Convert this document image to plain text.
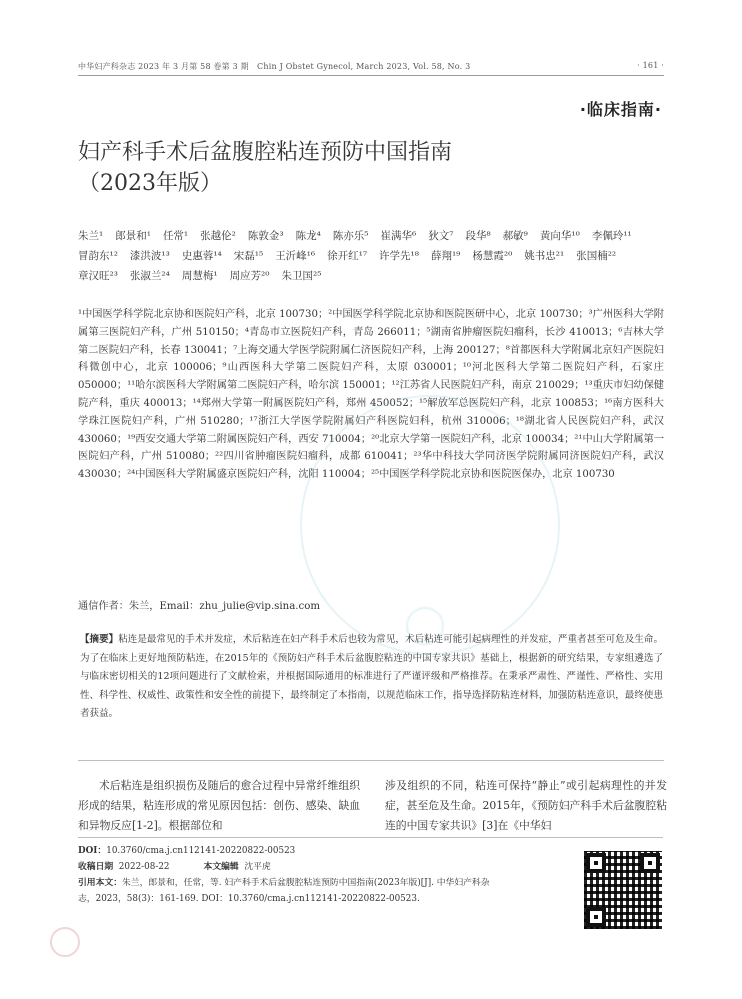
中华妇产科杂志 2023 年 3 月第 58 卷第 3 期　Chin J Obstet Gynecol, March 2023, Vol. 58, No. 3	· 161 ·
·临床指南·
妇产科手术后盆腹腔粘连预防中国指南
（2023年版）
朱兰¹ 郎景和¹ 任常¹ 张越伦² 陈敦金³ 陈龙⁴ 陈亦乐⁵ 崔满华⁶ 狄文⁷ 段华⁸ 郝敏⁹ 黄向华¹⁰ 李佩玲¹¹冒韵东¹² 漆洪波¹³ 史惠蓉¹⁴ 宋磊¹⁵ 王沂峰¹⁶ 徐开红¹⁷ 许学先¹⁸ 薛翔¹⁹ 杨慧霞²⁰ 姚书忠²¹ 张国楠²²章汉旺²³ 张淑兰²⁴ 周慧梅¹ 周应芳²⁰ 朱卫国²⁵
¹中国医学科学院北京协和医院妇产科，北京 100730 ； ²中国医学科学院北京协和医院医研中心，北京 100730 ； ³广州医科大学附属第三医院妇产科，广州 510150 ； ⁴青岛市立医院妇产科，青岛 266011 ； ⁵湖南省肿瘤医院妇瘤科，长沙 410013 ； ⁶吉林大学第二医院妇产科，长春 130041 ； ⁷上海交通大学医学院附属仁济医院妇产科，上海 200127 ； ⁸首都医科大学附属北京妇产医院妇科微创中心，北京 100006 ； ⁹山西医科大学第二医院妇产科，太原 030001 ； ¹⁰河北医科大学第二医院妇产科，石家庄 050000 ； ¹¹哈尔滨医科大学附属第二医院妇产科，哈尔滨 150001 ； ¹²江苏省人民医院妇产科，南京 210029 ； ¹³重庆市妇幼保健院产科，重庆 400013 ； ¹⁴郑州大学第一附属医院妇产科，郑州 450052 ； ¹⁵解放军总医院妇产科，北京 100853 ； ¹⁶南方医科大学珠江医院妇产科，广州 510280 ； ¹⁷浙江大学医学院附属妇产科医院妇科，杭州 310006 ； ¹⁸湖北省人民医院妇产科，武汉 430060 ； ¹⁹西安交通大学第二附属医院妇产科，西安 710004 ； ²⁰北京大学第一医院妇产科，北京 100034 ； ²¹中山大学附属第一医院妇产科，广州 510080 ； ²²四川省肿瘤医院妇瘤科，成都 610041 ； ²³华中科技大学同济医学院附属同济医院妇产科，武汉 430030 ； ²⁴中国医科大学附属盛京医院妇产科，沈阳 110004 ； ²⁵中国医学科学院北京协和医院医保办，北京 100730
通信作者：朱兰，Email：zhu_julie@vip.sina.com	◯
【摘要】粘连是最常见的手术并发症，术后粘连在妇产科手术后也较为常见，术后粘连可能引起病理性的并发症，严重者甚至可危及生命。为了在临床上更好地预防粘连，在2015年的《预防妇产科手术后盆腹腔粘连的中国专家共识》基础上，根据新的研究结果，专家组遴选了与临床密切相关的12项问题进行了文献检索，并根据国际通用的标准进行了严谨评级和严格推荐。在秉承严肃性、严谨性、严格性、实用性、科学性、权威性、政策性和安全性的前提下，最终制定了本指南，以规范临床工作，指导选择防粘连材料，加强防粘连意识，最终使患者获益。
术后粘连是组织损伤及随后的愈合过程中异常纤维组织形成的结果，粘连形成的常见原因包括：创伤、感染、缺血和异物反应[1-2]。根据部位和
涉及组织的不同，粘连可保持“静止”或引起病理性的并发症，甚至危及生命。2015年，《预防妇产科手术后盆腹腔粘连的中国专家共识》[3]在《中华妇
DOI：10.3760/cma.j.cn112141-20220822-00523
收稿日期 2022-08-22	本文编辑 沈平虎
引用本文：朱兰，郎景和，任常，等. 妇产科手术后盆腹腔粘连预防中国指南(2023年版)[J]. 中华妇产科杂志，2023，58(3)：161-169. DOI：10.3760/cma.j.cn112141-20220822-00523.
